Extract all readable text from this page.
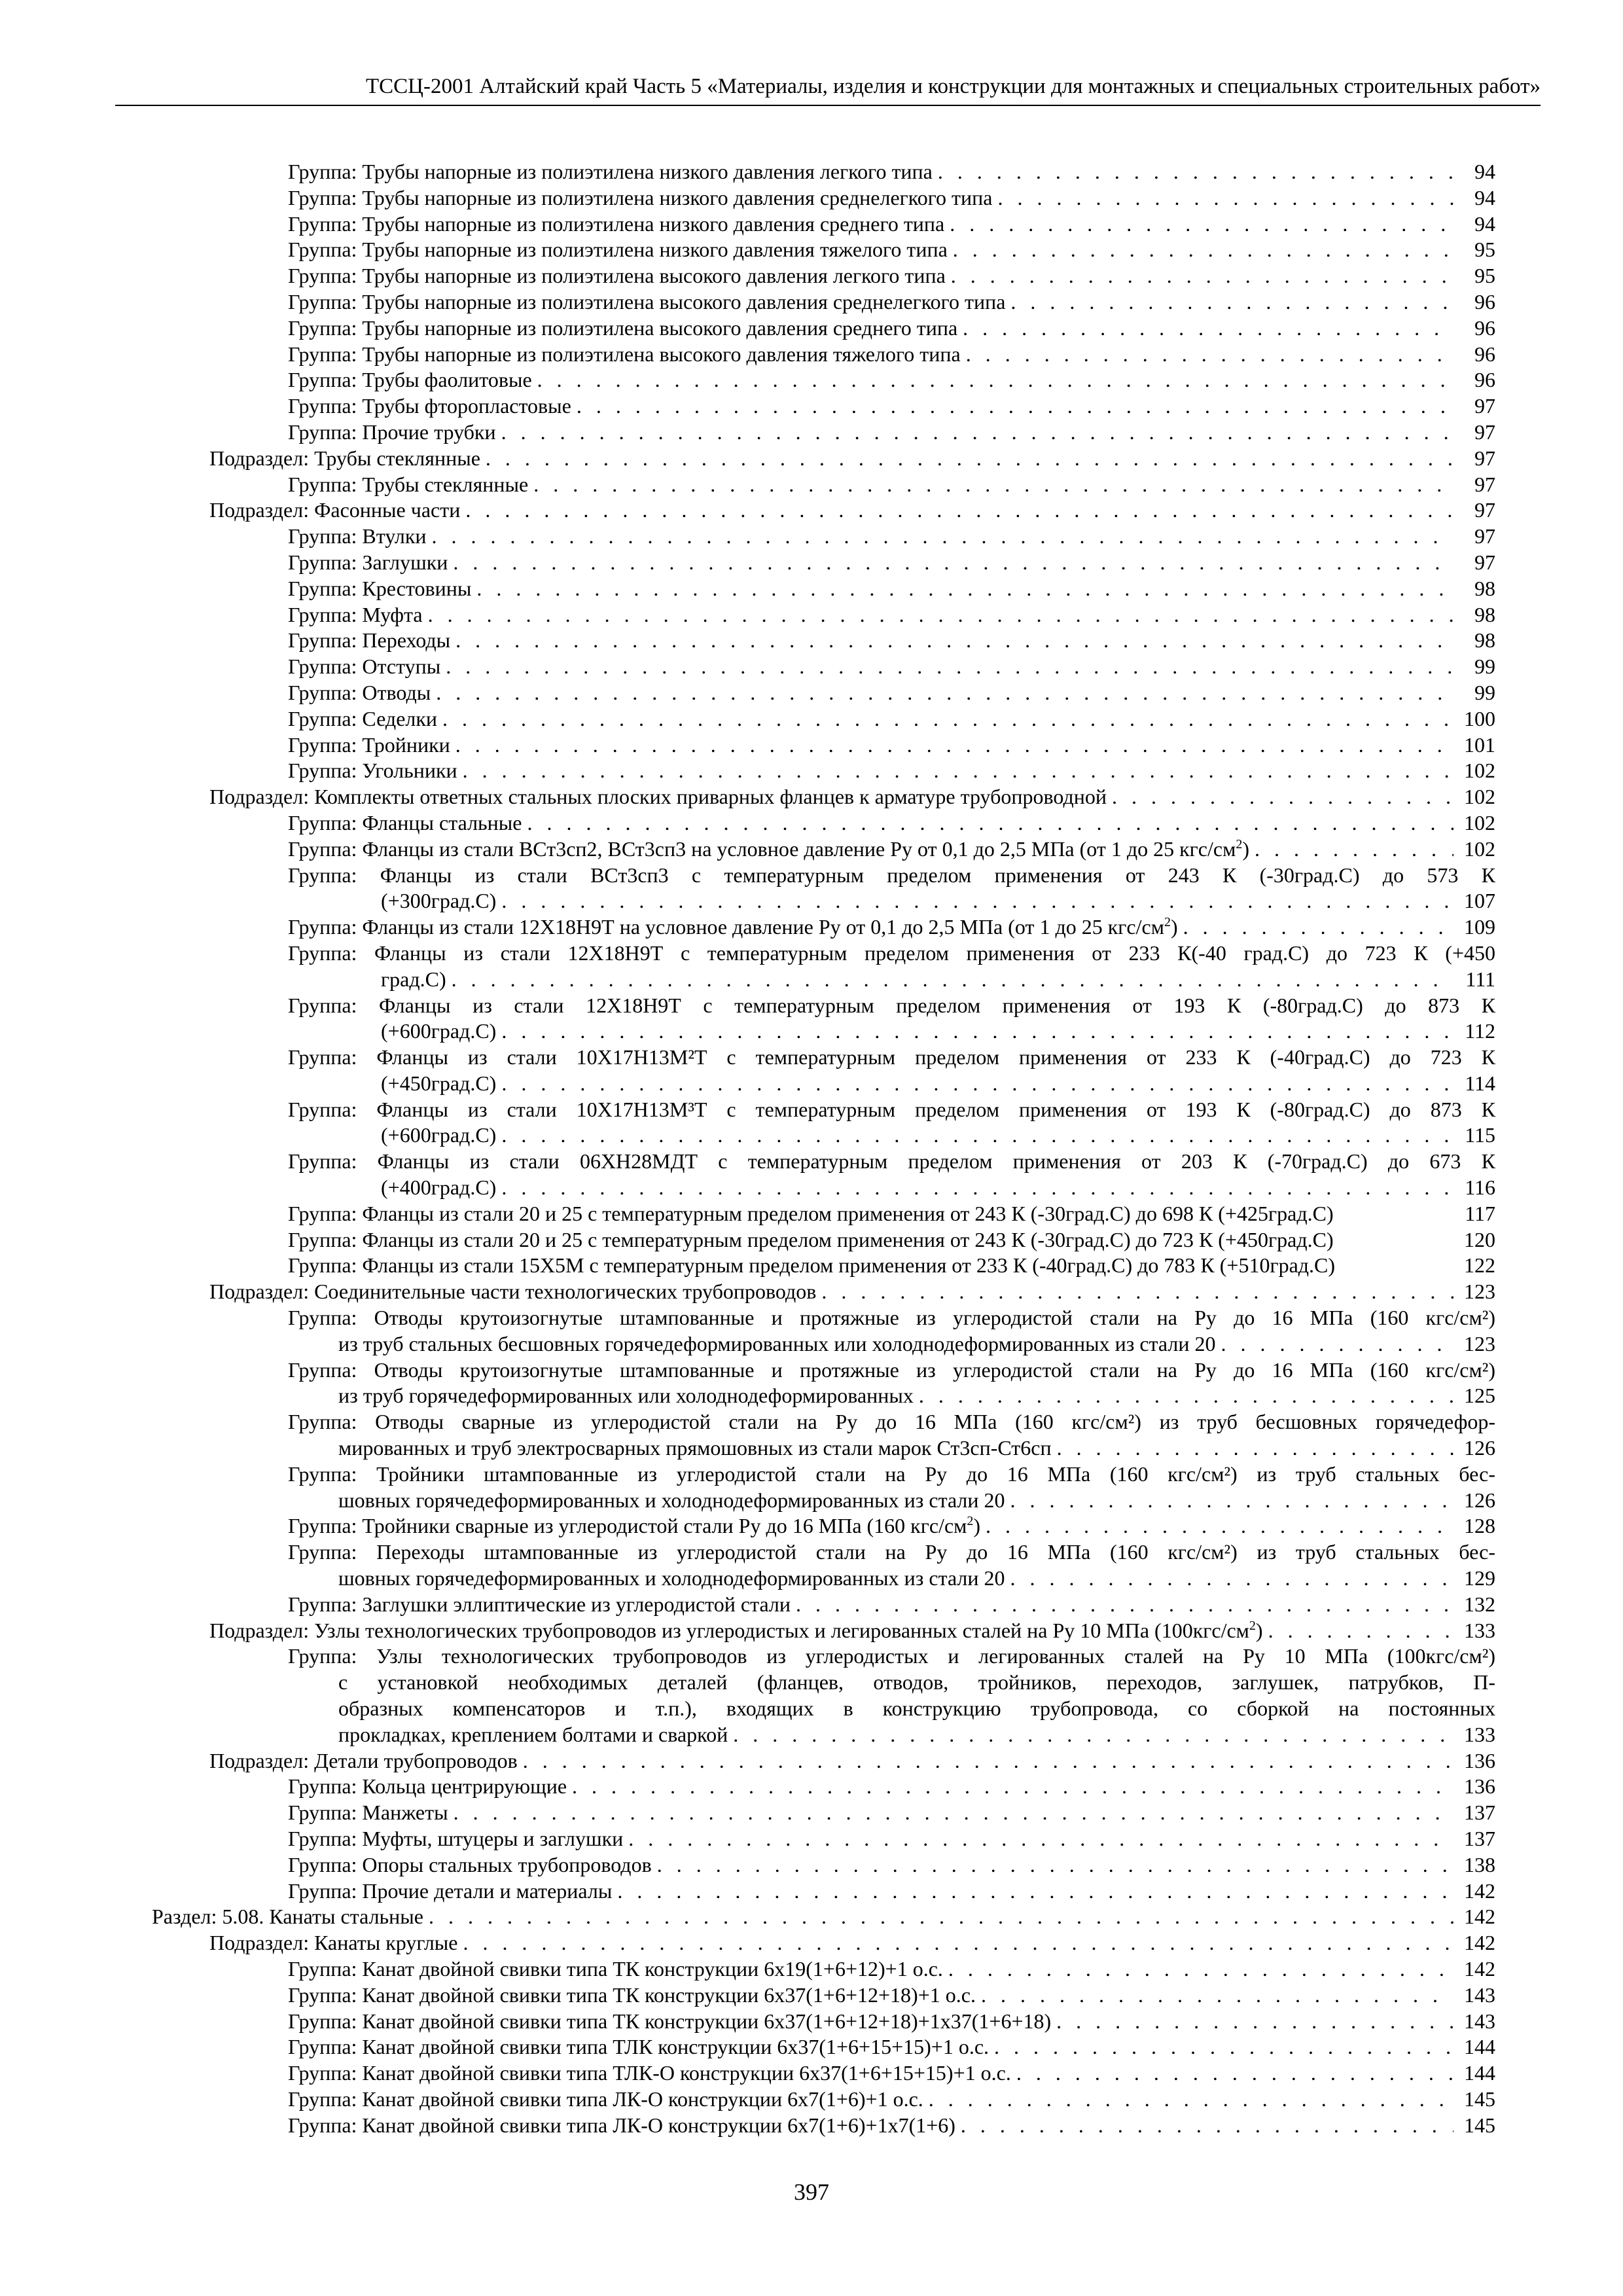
ТССЦ-2001 Алтайский край Часть 5 «Материалы, изделия и конструкции для монтажных и специальных строительных работ»
Группа: Трубы напорные из полиэтилена низкого давления легкого типа . . .	94
Группа: Трубы напорные из полиэтилена низкого давления среднелегкого типа . . .	94
Группа: Трубы напорные из полиэтилена низкого давления среднего типа . . .	94
Группа: Трубы напорные из полиэтилена низкого давления тяжелого типа . . .	95
Группа: Трубы напорные из полиэтилена высокого давления легкого типа . . .	95
Группа: Трубы напорные из полиэтилена высокого давления среднелегкого типа . . .	96
Группа: Трубы напорные из полиэтилена высокого давления среднего типа . . .	96
Группа: Трубы напорные из полиэтилена высокого давления тяжелого типа . . .	96
Группа: Трубы фаолитовые . . .	96
Группа: Трубы фторопластовые . . .	97
Группа: Прочие трубки . . .	97
Подраздел: Трубы стеклянные . . .	97
Группа: Трубы стеклянные . . .	97
Подраздел: Фасонные части . . .	97
Группа: Втулки . . .	97
Группа: Заглушки . . .	97
Группа: Крестовины . . .	98
Группа: Муфта . . .	98
Группа: Переходы . . .	98
Группа: Отступы . . .	99
Группа: Отводы . . .	99
Группа: Седелки . . .	100
Группа: Тройники . . .	101
Группа: Угольники . . .	102
Подраздел: Комплекты ответных стальных плоских приварных фланцев к арматуре трубопроводной . . .	102
Группа: Фланцы стальные . . .	102
Группа: Фланцы из стали ВСт3сп2, ВСт3сп3 на условное давление Ру от 0,1 до 2,5 МПа (от 1 до 25 кгс/$см^2$) . . .	102
Группа: Фланцы из стали ВСт3сп3 с температурным пределом применения от 243 К (-30град.С) до 573 К
(+300град.С) . . .	107
Группа: Фланцы из стали 12Х18Н9Т на условное давление Ру от 0,1 до 2,5 МПа (от 1 до 25 кгс/$см^2$) . . .	109
Группа: Фланцы из стали 12Х18Н9Т с температурным пределом применения от 233 К(-40 град.С) до 723 К (+450
град.С) . . .	111
Группа: Фланцы из стали 12Х18Н9Т с температурным пределом применения от 193 К (-80град.С) до 873 К
(+600град.С) . . .	112
Группа: Фланцы из стали 10Х17Н13М²Т с температурным пределом применения от 233 К (-40град.С) до 723 К
(+450град.С) . . .	114
Группа: Фланцы из стали 10Х17Н13М³Т с температурным пределом применения от 193 К (-80град.С) до 873 К
(+600град.С) . . .	115
Группа: Фланцы из стали 06ХН28МДТ с температурным пределом применения от 203 К (-70град.С) до 673 К
(+400град.С) . . .	116
Группа: Фланцы из стали 20 и 25 с температурным пределом применения от 243 К (-30град.С) до 698 К (+425град.С)	117
Группа: Фланцы из стали 20 и 25 с температурным пределом применения от 243 К (-30град.С) до 723 К (+450град.С)	120
Группа: Фланцы из стали 15Х5М с температурным пределом применения от 233 К (-40град.С) до 783 К (+510град.С)	122
Подраздел: Соединительные части технологических трубопроводов . . .	123
Группа: Отводы крутоизогнутые штампованные и протяжные из углеродистой стали на Ру до 16 МПа (160 кгс/см²)
из труб стальных бесшовных горячедеформированных или холоднодеформированных из стали 20 . . .	123
Группа: Отводы крутоизогнутые штампованные и протяжные из углеродистой стали на Ру до 16 МПа (160 кгс/см²)
из труб горячедеформированных или холоднодеформированных . . .	125
Группа: Отводы сварные из углеродистой стали на Ру до 16 МПа (160 кгс/см²) из труб бесшовных горячедефор-
мированных и труб электросварных прямошовных из стали марок Ст3сп-Ст6сп . . .	126
Группа: Тройники штампованные из углеродистой стали на Ру до 16 МПа (160 кгс/см²) из труб стальных бес-
шовных горячедеформированных и холоднодеформированных из стали 20 . . .	126
Группа: Тройники сварные из углеродистой стали Ру до 16 МПа (160 кгс/$см^2$) . . .	128
Группа: Переходы штампованные из углеродистой стали на Ру до 16 МПа (160 кгс/см²) из труб стальных бес-
шовных горячедеформированных и холоднодеформированных из стали 20 . . .	129
Группа: Заглушки эллиптические из углеродистой стали . . .	132
Подраздел: Узлы технологических трубопроводов из углеродистых и легированных сталей на Ру 10 МПа $(100кгс/см^2)$ . . .	133
Группа: Узлы технологических трубопроводов из углеродистых и легированных сталей на Ру 10 МПа (100кгс/см²)
с установкой необходимых деталей (фланцев, отводов, тройников, переходов, заглушек, патрубков, П-
образных компенсаторов и т.п.), входящих в конструкцию трубопровода, со сборкой на постоянных
прокладках, креплением болтами и сваркой . . .	133
Подраздел: Детали трубопроводов . . .	136
Группа: Кольца центрирующие . . .	136
Группа: Манжеты . . .	137
Группа: Муфты, штуцеры и заглушки . . .	137
Группа: Опоры стальных трубопроводов . . .	138
Группа: Прочие детали и материалы . . .	142
Раздел: 5.08. Канаты стальные . . .	142
Подраздел: Канаты круглые . . .	142
Группа: Канат двойной свивки типа ТК конструкции 6х19(1+6+12)+1 о.с. . . .	142
Группа: Канат двойной свивки типа ТК конструкции 6х37(1+6+12+18)+1 о.с. . . .	143
Группа: Канат двойной свивки типа ТК конструкции 6х37(1+6+12+18)+1х37(1+6+18) . . .	143
Группа: Канат двойной свивки типа ТЛК конструкции 6х37(1+6+15+15)+1 о.с. . . .	144
Группа: Канат двойной свивки типа ТЛК-О конструкции 6х37(1+6+15+15)+1 о.с. . . .	144
Группа: Канат двойной свивки типа ЛК-О конструкции 6х7(1+6)+1 о.с. . . .	145
Группа: Канат двойной свивки типа ЛК-О конструкции 6х7(1+6)+1х7(1+6) . . .	145
397
